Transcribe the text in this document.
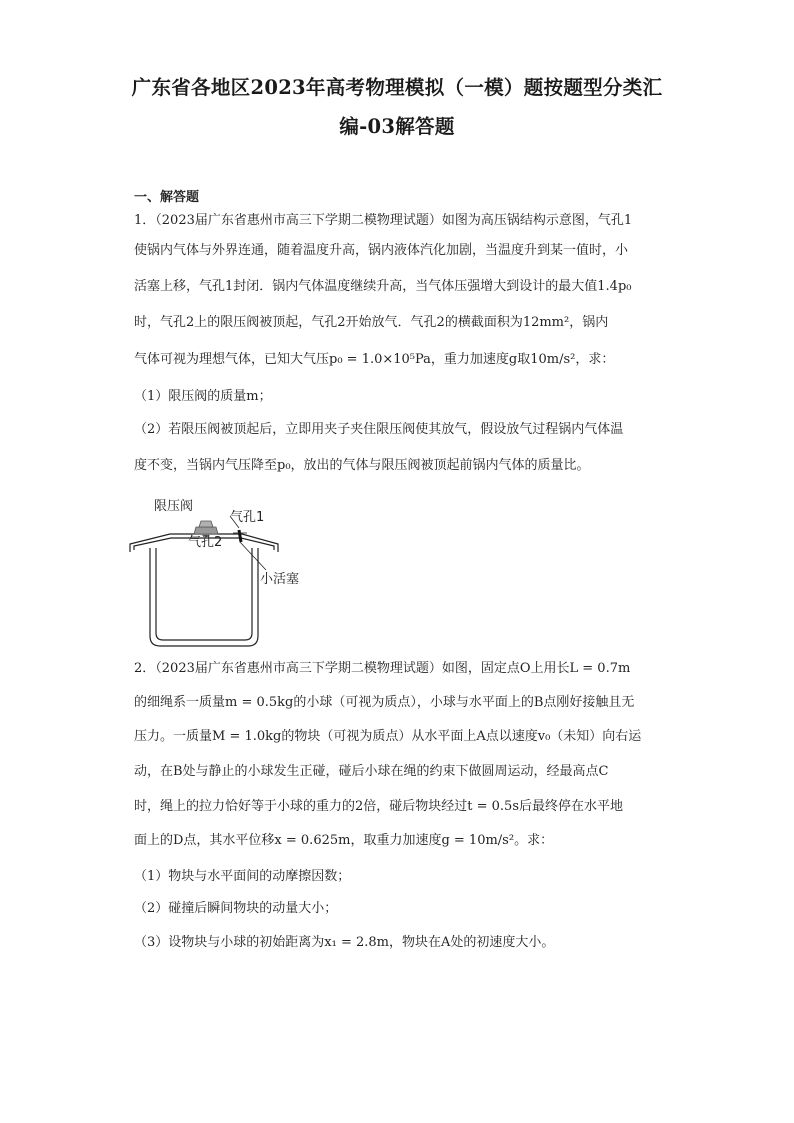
广东省各地区2023年高考物理模拟（一模）题按题型分类汇
编-03解答题
一、解答题
1．（2023届广东省惠州市高三下学期二模物理试题）如图为高压锅结构示意图，气孔1
使锅内气体与外界连通，随着温度升高，锅内液体汽化加剧，当温度升到某一值时，小
活塞上移，气孔1封闭．锅内气体温度继续升高，当气体压强增大到设计的最大值1.4p₀
时，气孔2上的限压阀被顶起，气孔2开始放气．气孔2的横截面积为12mm²，锅内
气体可视为理想气体，已知大气压p₀ = 1.0×10⁵Pa，重力加速度g取10m/s²，求：
（1）限压阀的质量m；
（2）若限压阀被顶起后，立即用夹子夹住限压阀使其放气，假设放气过程锅内气体温
度不变，当锅内气压降至p₀，放出的气体与限压阀被顶起前锅内气体的质量比。
限压阀
气孔1
气孔2
小活塞
2．（2023届广东省惠州市高三下学期二模物理试题）如图，固定点O上用长L = 0.7m
的细绳系一质量m = 0.5kg的小球（可视为质点），小球与水平面上的B点刚好接触且无
压力。一质量M = 1.0kg的物块（可视为质点）从水平面上A点以速度v₀（未知）向右运
动，在B处与静止的小球发生正碰，碰后小球在绳的约束下做圆周运动，经最高点C
时，绳上的拉力恰好等于小球的重力的2倍，碰后物块经过t = 0.5s后最终停在水平地
面上的D点，其水平位移x = 0.625m，取重力加速度g = 10m/s²。求：
（1）物块与水平面间的动摩擦因数；
（2）碰撞后瞬间物块的动量大小；
（3）设物块与小球的初始距离为x₁ = 2.8m，物块在A处的初速度大小。
